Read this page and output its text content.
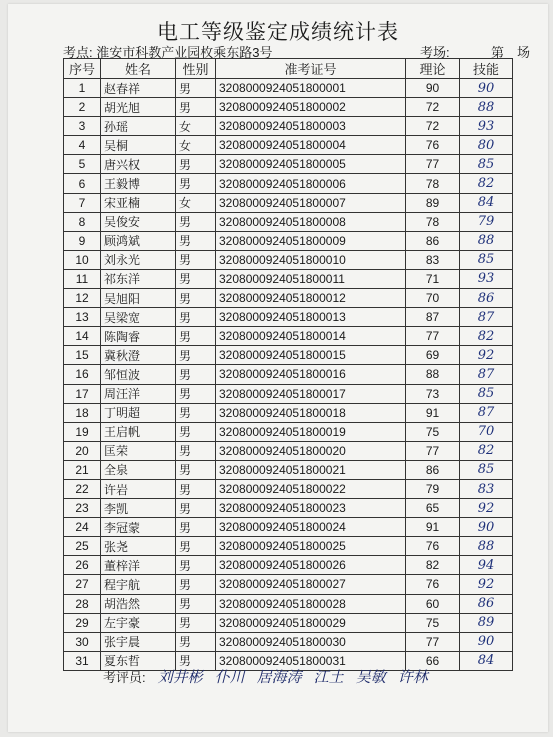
电工等级鉴定成绩统计表
考点: 淮安市科教产业园枚乘东路3号	考场:	第　场
序号	姓名	性别	准考证号	理论	技能
1	赵春祥	男	3208000924051800001	90	90
2	胡光旭	男	3208000924051800002	72	88
3	孙瑶	女	3208000924051800003	72	93
4	吴桐	女	3208000924051800004	76	80
5	唐兴权	男	3208000924051800005	77	85
6	王毅博	男	3208000924051800006	78	82
7	宋亚楠	女	3208000924051800007	89	84
8	吴俊安	男	3208000924051800008	78	79
9	顾鸿斌	男	3208000924051800009	86	88
10	刘永光	男	3208000924051800010	83	85
11	祁东洋	男	3208000924051800011	71	93
12	吴旭阳	男	3208000924051800012	70	86
13	吴梁宽	男	3208000924051800013	87	87
14	陈陶睿	男	3208000924051800014	77	82
15	冀秋澄	男	3208000924051800015	69	92
16	邹恒波	男	3208000924051800016	88	87
17	周汪洋	男	3208000924051800017	73	85
18	丁明超	男	3208000924051800018	91	87
19	王启帆	男	3208000924051800019	75	70
20	匡荣	男	3208000924051800020	77	82
21	全泉	男	3208000924051800021	86	85
22	许岩	男	3208000924051800022	79	83
23	李凯	男	3208000924051800023	65	92
24	李冠蒙	男	3208000924051800024	91	90
25	张尧	男	3208000924051800025	76	88
26	董梓洋	男	3208000924051800026	82	94
27	程宇航	男	3208000924051800027	76	92
28	胡浩然	男	3208000924051800028	60	86
29	左宇豪	男	3208000924051800029	75	89
30	张宇晨	男	3208000924051800030	77	90
31	夏东哲	男	3208000924051800031	66	84
考评员: 刘井彬 仆川 居海涛 江土 吴敏 许林
